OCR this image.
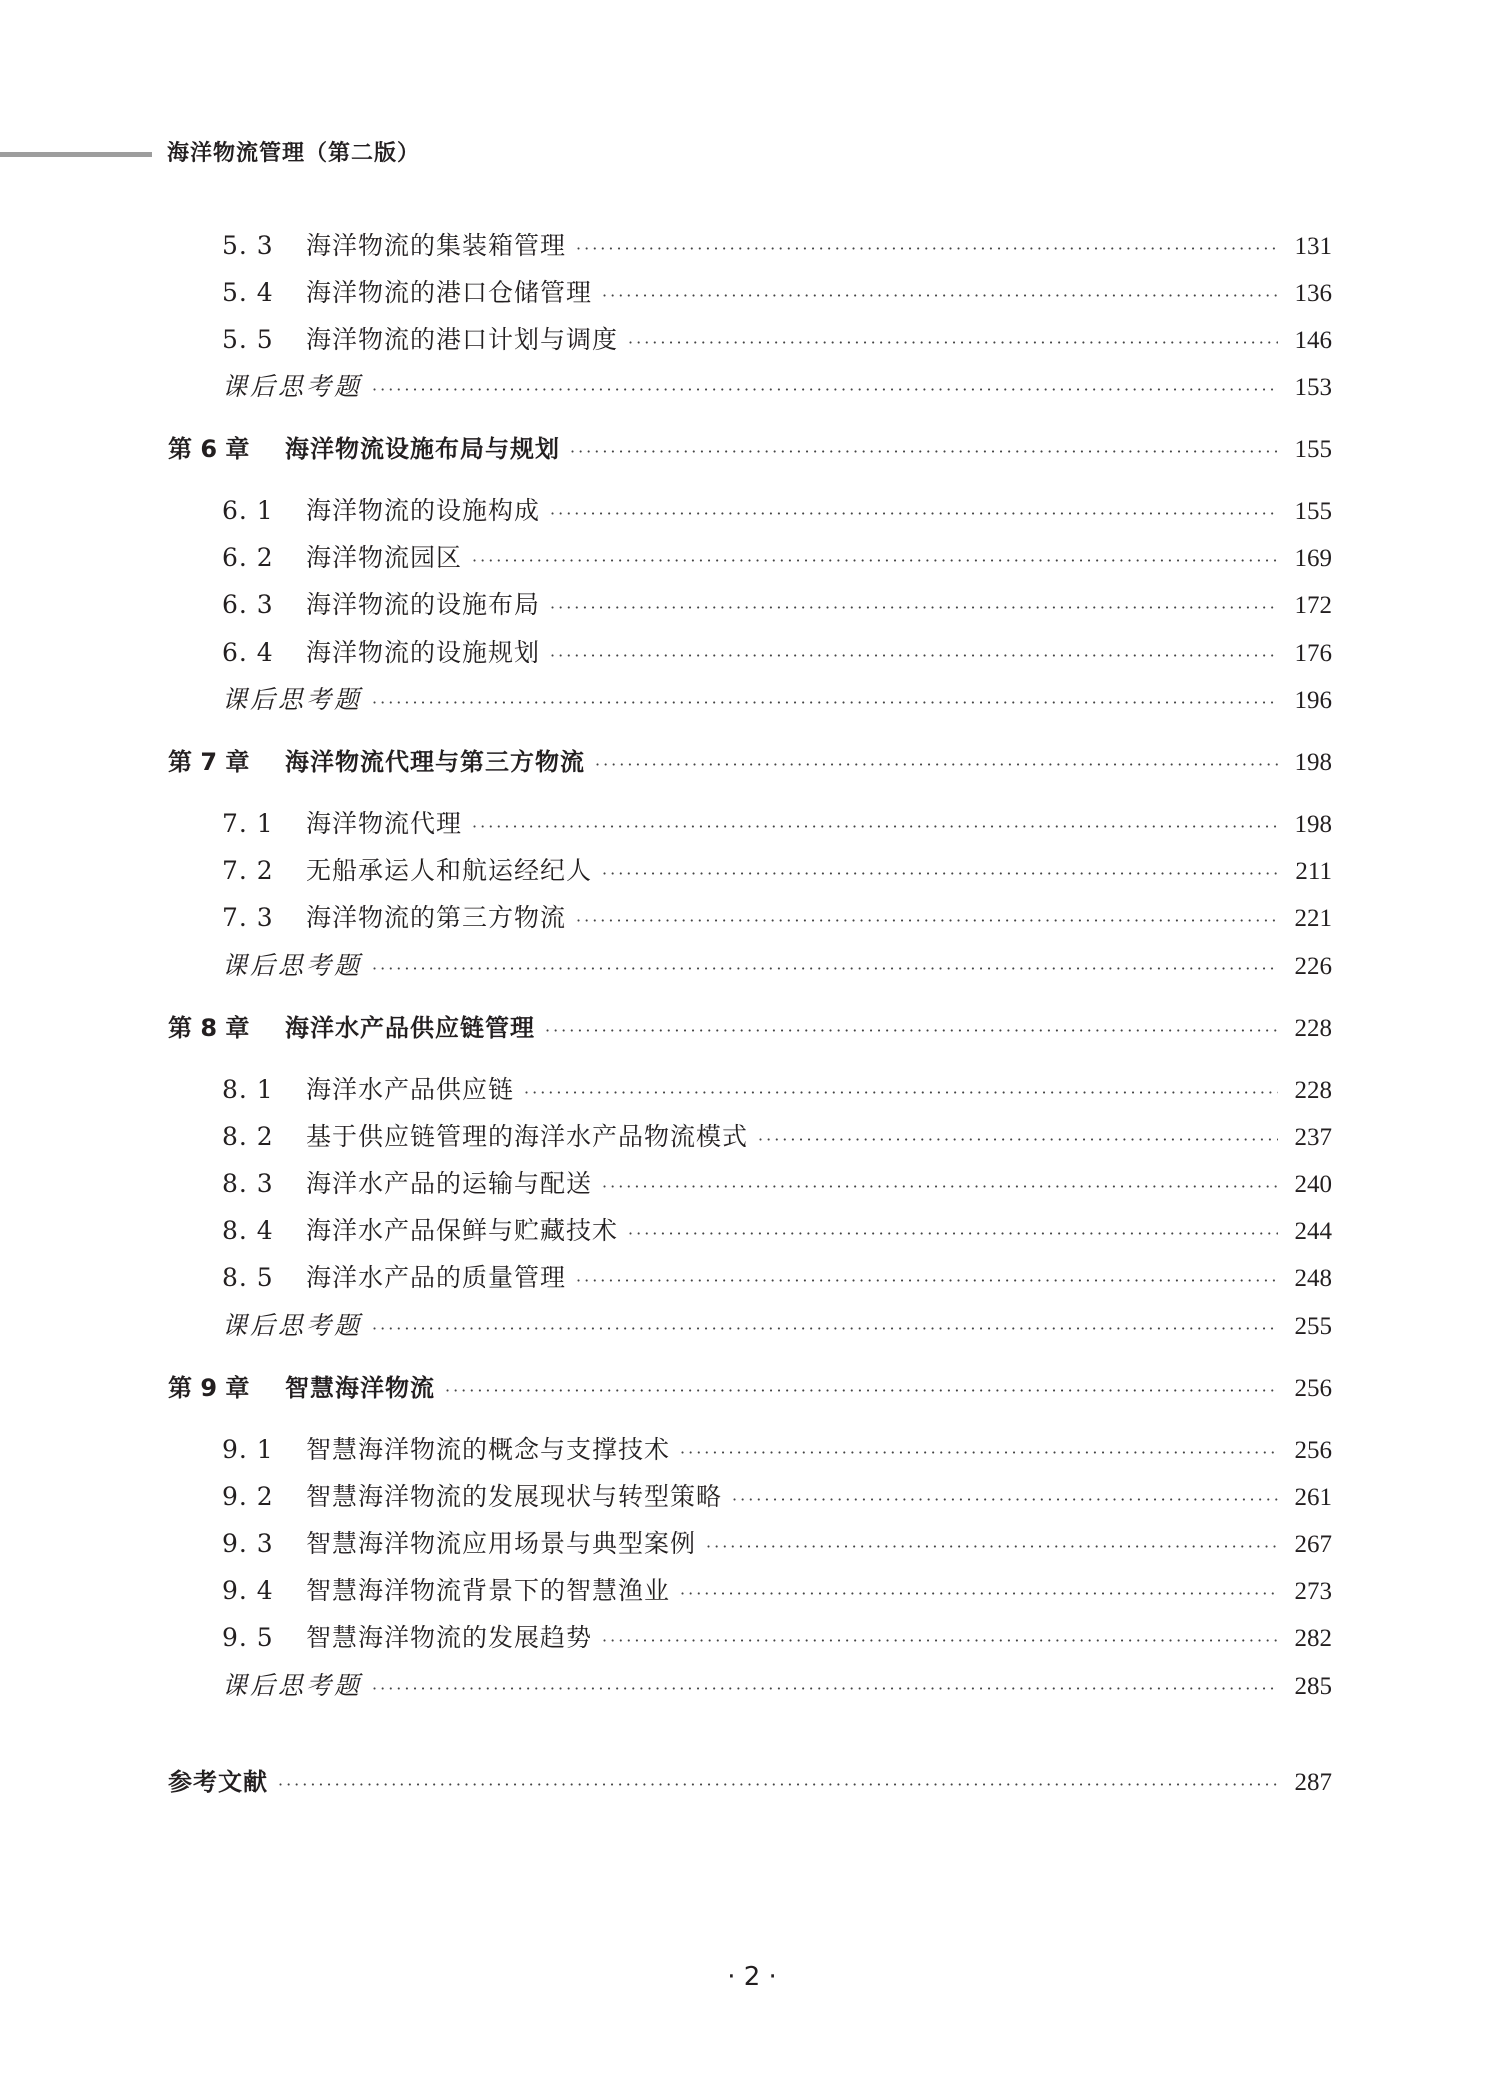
海洋物流管理（第二版）
5. 3	海洋物流的集装箱管理 ·····	131
5. 4	海洋物流的港口仓储管理 ·····	136
5. 5	海洋物流的港口计划与调度 ·····	146
课后思考题 ·····	153
第 6 章	海洋物流设施布局与规划 ·····	155
6. 1	海洋物流的设施构成 ·····	155
6. 2	海洋物流园区 ·····	169
6. 3	海洋物流的设施布局 ·····	172
6. 4	海洋物流的设施规划 ·····	176
课后思考题 ·····	196
第 7 章	海洋物流代理与第三方物流 ·····	198
7. 1	海洋物流代理 ·····	198
7. 2	无船承运人和航运经纪人 ·····	211
7. 3	海洋物流的第三方物流 ·····	221
课后思考题 ·····	226
第 8 章	海洋水产品供应链管理 ·····	228
8. 1	海洋水产品供应链 ·····	228
8. 2	基于供应链管理的海洋水产品物流模式 ·····	237
8. 3	海洋水产品的运输与配送 ·····	240
8. 4	海洋水产品保鲜与贮藏技术 ·····	244
8. 5	海洋水产品的质量管理 ·····	248
课后思考题 ·····	255
第 9 章	智慧海洋物流 ·····	256
9. 1	智慧海洋物流的概念与支撑技术 ·····	256
9. 2	智慧海洋物流的发展现状与转型策略 ·····	261
9. 3	智慧海洋物流应用场景与典型案例 ·····	267
9. 4	智慧海洋物流背景下的智慧渔业 ·····	273
9. 5	智慧海洋物流的发展趋势 ·····	282
课后思考题 ·····	285
参考文献 ·····	287
· 2 ·
